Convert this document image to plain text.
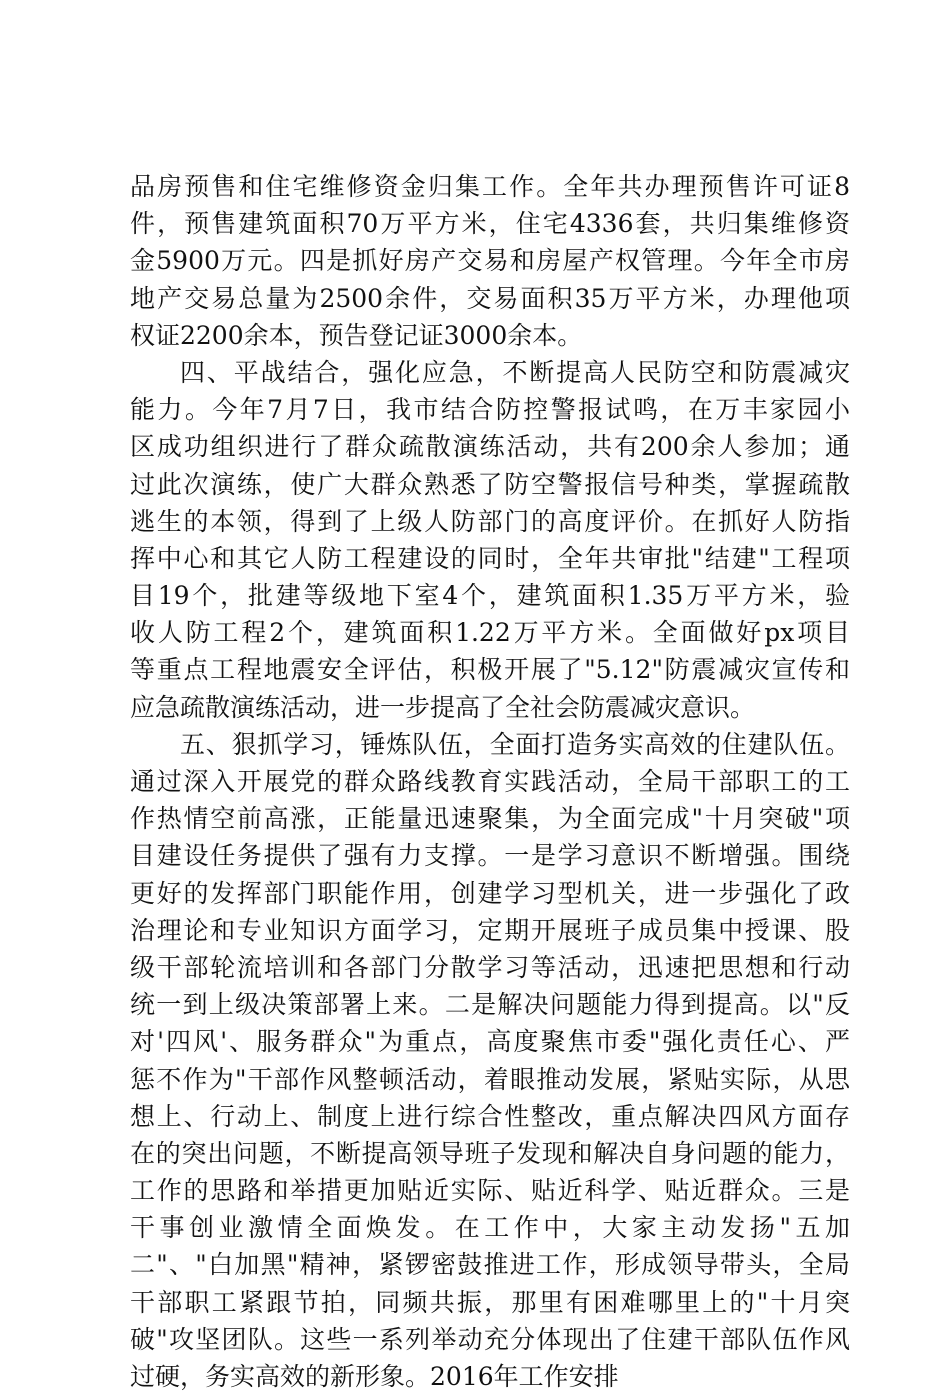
品房预售和住宅维修资金归集工作。全年共办理预售许可证8
件，预售建筑面积70万平方米，住宅4336套，共归集维修资
金5900万元。四是抓好房产交易和房屋产权管理。今年全市房
地产交易总量为2500余件，交易面积35万平方米，办理他项
权证2200余本，预告登记证3000余本。
四、平战结合，强化应急，不断提高人民防空和防震减灾
能力。今年7月7日，我市结合防控警报试鸣，在万丰家园小
区成功组织进行了群众疏散演练活动，共有200余人参加；通
过此次演练，使广大群众熟悉了防空警报信号种类，掌握疏散
逃生的本领，得到了上级人防部门的高度评价。在抓好人防指
挥中心和其它人防工程建设的同时，全年共审批"结建"工程项
目19个，批建等级地下室4个，建筑面积1.35万平方米，验
收人防工程2个，建筑面积1.22万平方米。全面做好px项目
等重点工程地震安全评估，积极开展了"5.12"防震减灾宣传和
应急疏散演练活动，进一步提高了全社会防震减灾意识。
五、狠抓学习，锤炼队伍，全面打造务实高效的住建队伍。
通过深入开展党的群众路线教育实践活动，全局干部职工的工
作热情空前高涨，正能量迅速聚集，为全面完成"十月突破"项
目建设任务提供了强有力支撑。一是学习意识不断增强。围绕
更好的发挥部门职能作用，创建学习型机关，进一步强化了政
治理论和专业知识方面学习，定期开展班子成员集中授课、股
级干部轮流培训和各部门分散学习等活动，迅速把思想和行动
统一到上级决策部署上来。二是解决问题能力得到提高。以"反
对'四风'、服务群众"为重点，高度聚焦市委"强化责任心、严
惩不作为"干部作风整顿活动，着眼推动发展，紧贴实际，从思
想上、行动上、制度上进行综合性整改，重点解决四风方面存
在的突出问题，不断提高领导班子发现和解决自身问题的能力，
工作的思路和举措更加贴近实际、贴近科学、贴近群众。三是
干事创业激情全面焕发。在工作中，大家主动发扬"五加
二"、"白加黑"精神，紧锣密鼓推进工作，形成领导带头，全局
干部职工紧跟节拍，同频共振，那里有困难哪里上的"十月突
破"攻坚团队。这些一系列举动充分体现出了住建干部队伍作风
过硬，务实高效的新形象。2016年工作安排
